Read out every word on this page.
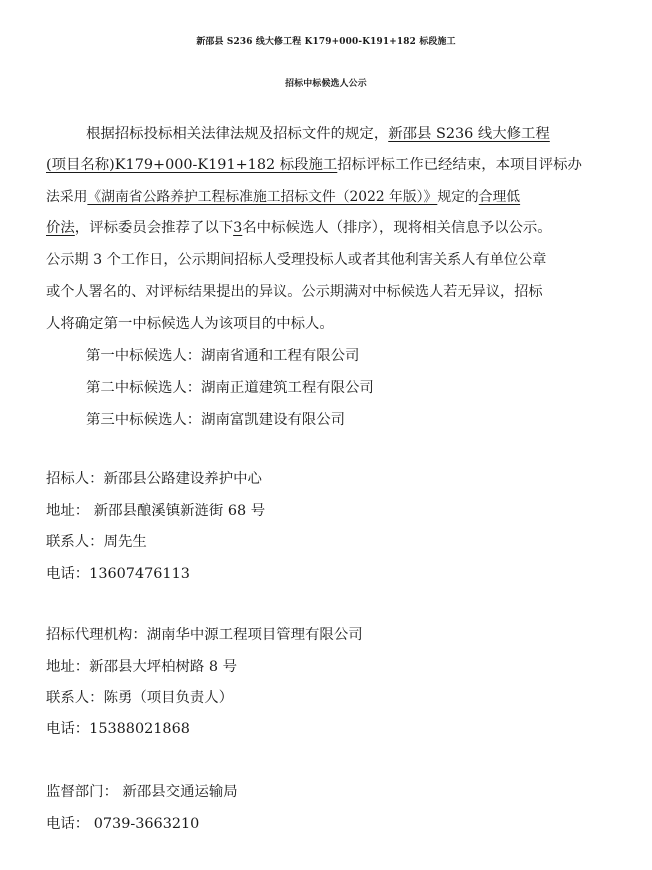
新邵县 S236 线大修工程 K179+000-K191+182 标段施工
招标中标候选人公示
根据招标投标相关法律法规及招标文件的规定，新邵县 S236 线大修工程
(项目名称)K179+000-K191+182 标段施工招标评标工作已经结束，本项目评标办
法采用《湖南省公路养护工程标准施工招标文件（2022 年版）》规定的合理低
价法，评标委员会推荐了以下3名中标候选人（排序），现将相关信息予以公示。
公示期 3 个工作日，公示期间招标人受理投标人或者其他利害关系人有单位公章
或个人署名的、对评标结果提出的异议。公示期满对中标候选人若无异议，招标
人将确定第一中标候选人为该项目的中标人。
第一中标候选人：湖南省通和工程有限公司
第二中标候选人：湖南正道建筑工程有限公司
第三中标候选人：湖南富凯建设有限公司
招标人：新邵县公路建设养护中心
地址： 新邵县酿溪镇新涟街 68 号
联系人：周先生
电话：13607476113
招标代理机构：湖南华中源工程项目管理有限公司
地址：新邵县大坪柏树路 8 号
联系人：陈勇（项目负责人）
电话：15388021868
监督部门： 新邵县交通运输局
电话： 0739-3663210
